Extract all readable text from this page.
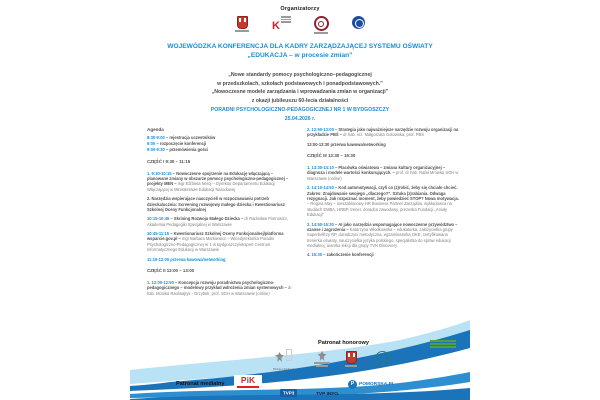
Organizatorzy
K
WOJEWÓDZKA KONFERENCJA DLA KADRY ZARZĄDZAJĄCEJ SYSTEMU OŚWIATY
„EDUKACJA – w procesie zmian”
„Nowe standardy pomocy psychologiczno–pedagogicznej
w przedszkolach, szkołach podstawowych i ponadpodstawowych.”
„Nowoczesne modele zarządzania i wprowadzania zmian w organizacji”
z okazji jubileuszu 60-lecia działalności
PORADNI PSYCHOLOGICZNO-PEDAGOGICZNEJ NR 1 W BYDGOSZCZY
25.04.2026 r.
Agenda
8:30-9:00 – rejestracja uczestników
9:00 – rozpoczęcie konferencji
9:00-9:30 – przemówienia gości
CZĘŚĆ I 9:30 – 11:15
1. 9:30-10:15 – Nowoczesne spojrzenie na Edukację włączającą – planowane zmiany w obszarze pomocy psychologiczno-pedagogicznej – projekty MEN – mgr Elżbieta Neroj – Dyrektor Departamentu Edukacji Włączającej w Ministerstwie Edukacji Narodowej
2. Narzędzia wspierające nauczycieli w rozpoznawaniu potrzeb dziecka/ucznia: Screening rozwojowy małego dziecka i Kwestionariusz Szkolnej Oceny Funkcjonalnej
10:15-10:45 – Skrining Rozwoju Małego Dziecka – dr Radosław Piotrowicz, Akademia Pedagogiki Specjalnej w Warszawie
10:45-11:15 – Kwestionariusz Szkolnej Oceny Funkcjonalnej/platforma wsparcie.gov.pl – mgr Barbara Markiewicz – Wicedyrektorka Poradni Psychologiczno-Pedagogicznej nr 1 w Bydgoszczy/ekspert Centrum Informatycznego Edukacji w Warszawie
11:15-12:00 przerwa kawowa/networking
CZĘŚĆ II 12:00 – 13:00
1. 12:00-12:50 – Koncepcja rozwoju poradnictwa psychologiczno-pedagogicznego – modelowy przykład wdrożenia zmian systemowych – dr hab. Monika Raulinajtys - Grzybek, prof. SGH w Warszawie (online)
2. 12:50-13:00 – Strategia jako najważniejsze narzędzie rozwoju organizacji na przykładzie PBŚ – dr hab. inż. Małgorzata Gotowska, prof. PBŚ
13:00-13:30 przerwa kawowa/networking
CZĘŚĆ III 13:30 – 15:30
1. 13:30-14:10 – Placówka oświatowa – zmiana kultury organizacyjnej – diagnoza i modele wartości konkurujących. – prof. dr hab. Rafał Mrówka SGH w Warszawie (online)
2. 14:10-14:50 – Kod automotywacji, czyli co (z)robić, żeby się chciało chcieć. Zakres: Znajdowanie swojego „dlaczego?”. Sztuka (z)rabiania. Odwaga rezygnacji. Jak rozpoznać moment, żeby powiedzieć STOP? Nowa motywacja. – Regina May – nieszablonowy HR Business Partner Zarządów, wykładowca na studiach EMBA, HRBP, trener, doradca zawodowy, prezeska Fundacji „Anioły Edukacji”
3. 14:50-15:30 – AI jako narzędzia wspomagające nowoczesne przywództwo – szanse i zagrożenia – Katarzyna Włodkowska – edukatorka, założycielka grupy Superbelfrzy RP, doradczyni metodyczna, egzaminatorka OKE, certyfikowana trenerka oświaty, nauczycielka języka polskiego, specjalistka do spraw edukacji medialnej, autorka lekcji dla grupy TVN Discovery
4. 15:30 – zakończenie konferencji
Patronat honorowy
Minister Edukacji
Patronat medialny	PiK
TVP3	TVP INFO.
P	POMORSKA.PL
